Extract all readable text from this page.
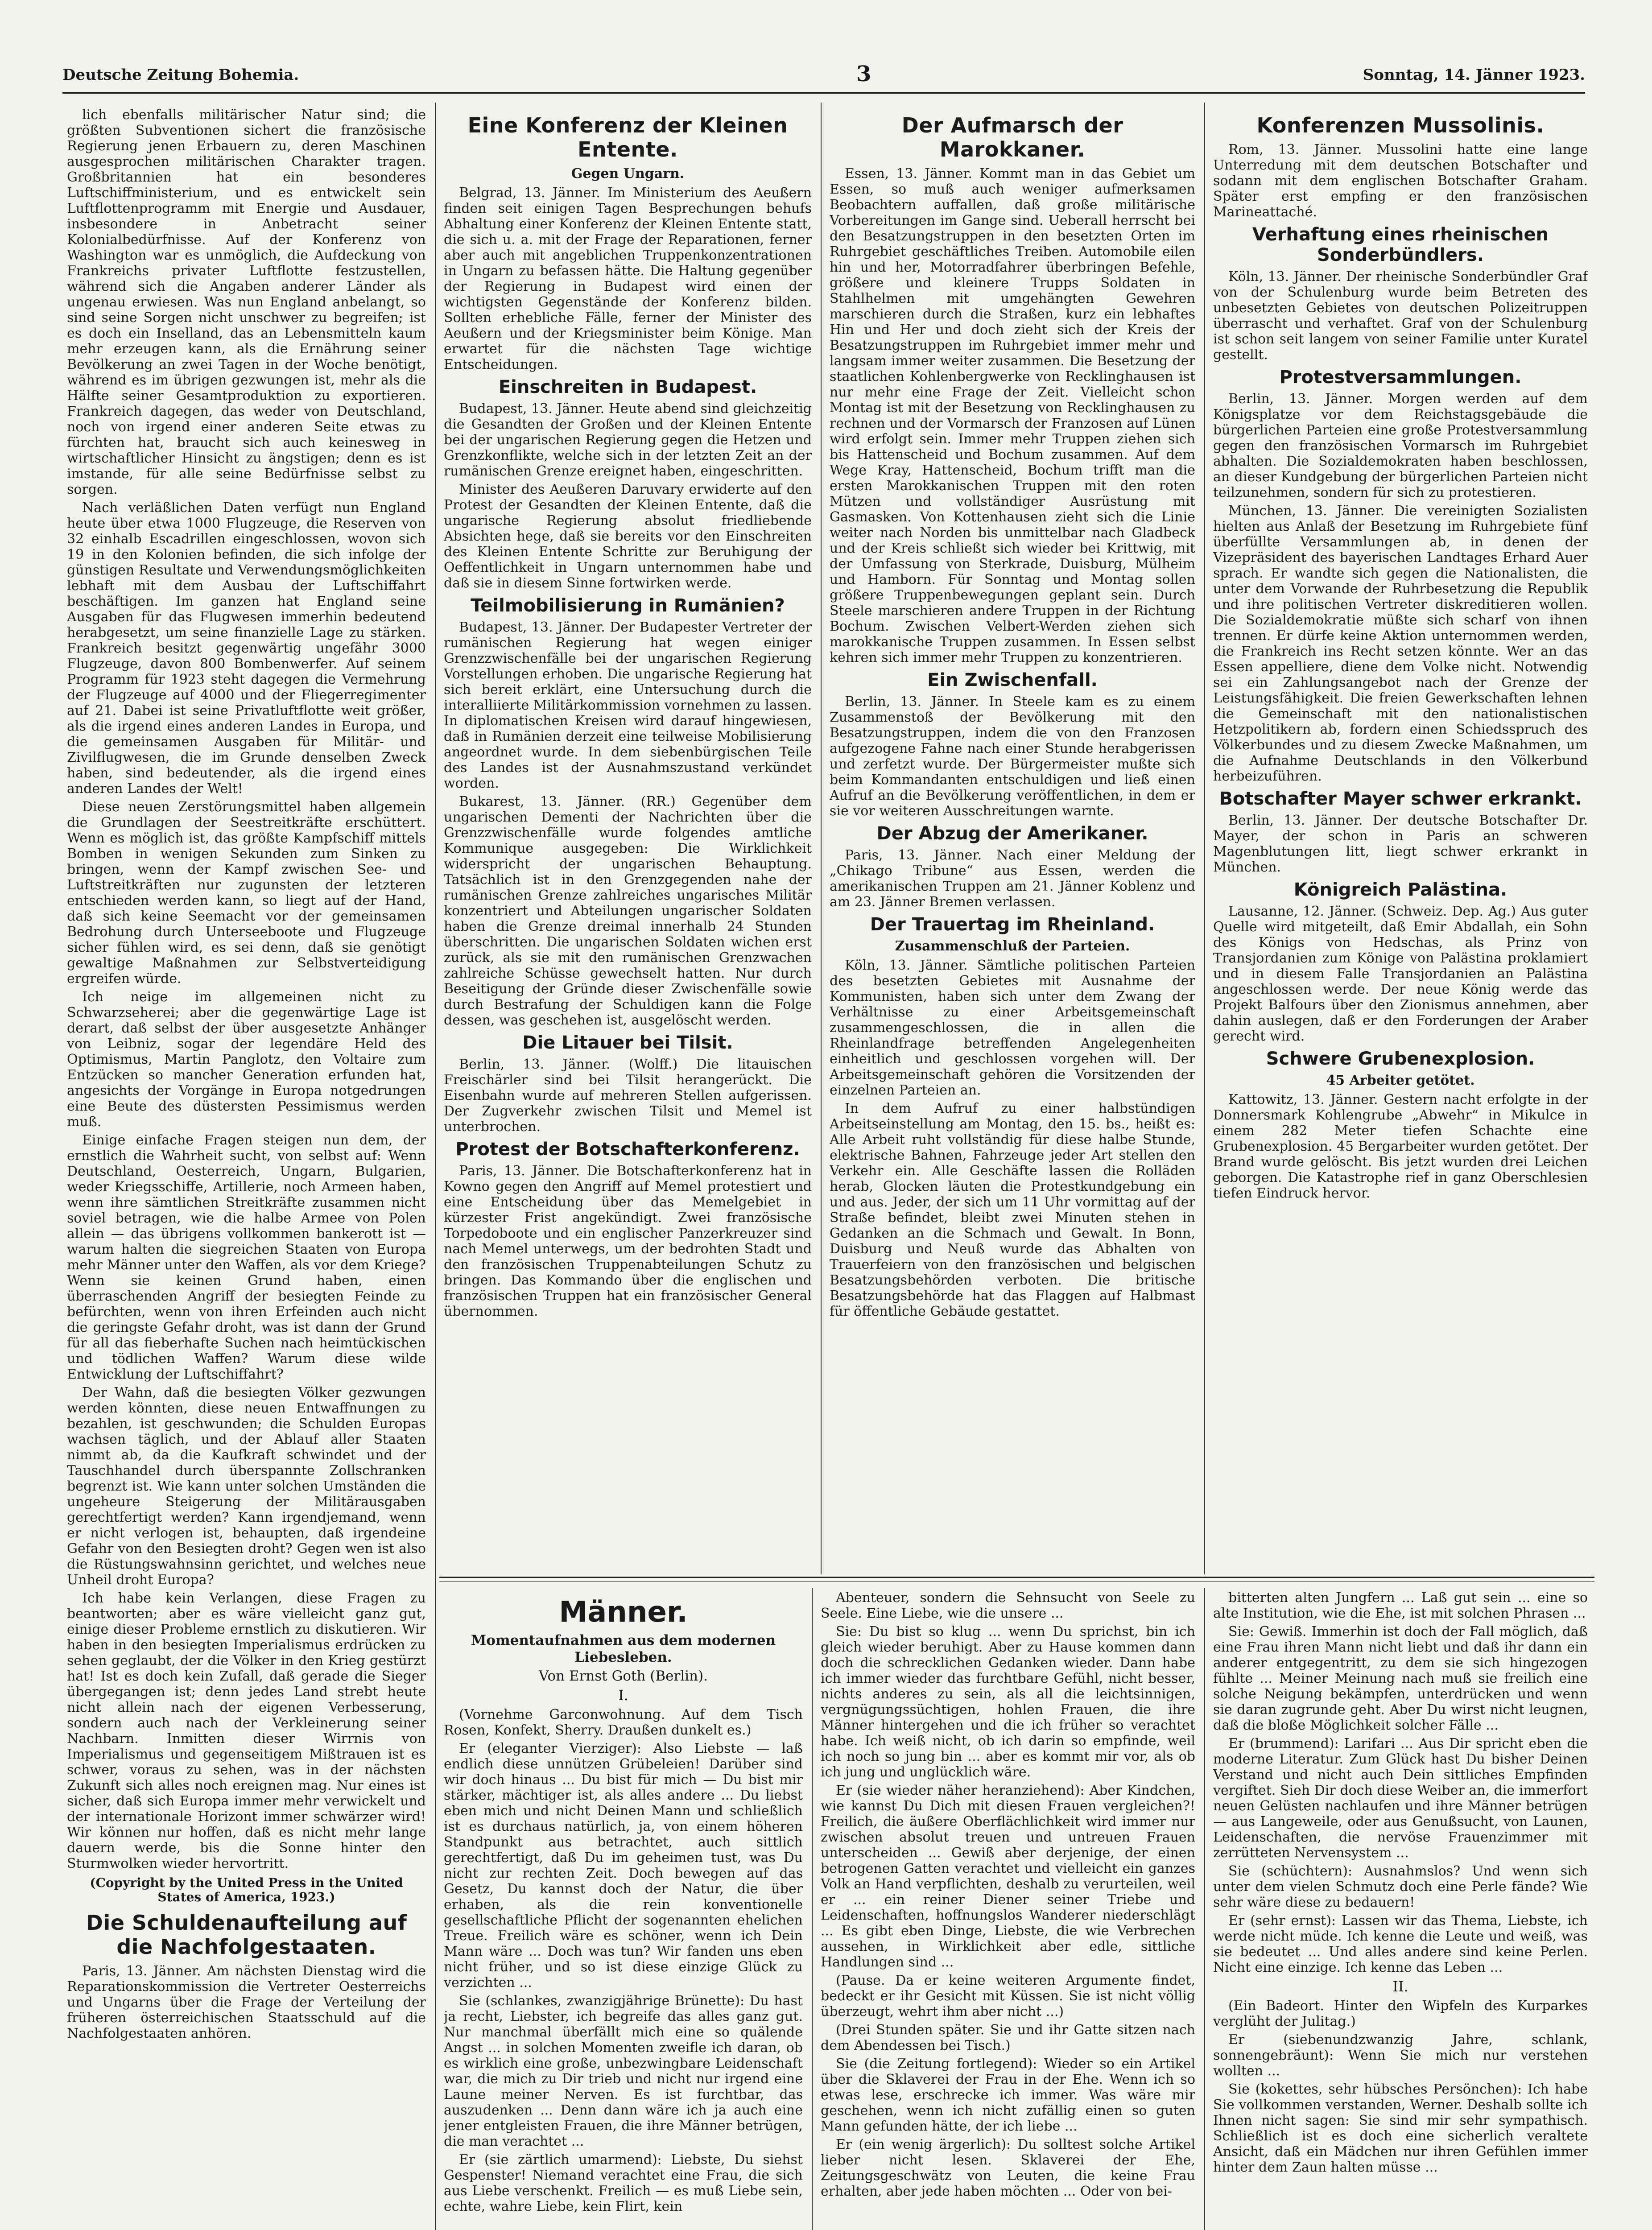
Deutsche Zeitung Bohemia.	3	Sonntag, 14. Jänner 1923.

lich ebenfalls militärischer Natur sind; die größten Subventionen sichert die französische Regierung jenen Erbauern zu, deren Maschinen ausgesprochen militärischen Charakter tragen. Großbritannien hat ein besonderes Luftschiffministerium, und es entwickelt sein Luftflottenprogramm mit Energie und Ausdauer, insbesondere in Anbetracht seiner Kolonialbedürfnisse. Auf der Konferenz von Washington war es unmöglich, die Aufdeckung von Frankreichs privater Luftflotte festzustellen, während sich die Angaben anderer Länder als ungenau erwiesen. Was nun England anbelangt, so sind seine Sorgen nicht unschwer zu begreifen; ist es doch ein Inselland, das an Lebensmitteln kaum mehr erzeugen kann, als die Ernährung seiner Bevölkerung an zwei Tagen in der Woche benötigt, während es im übrigen gezwungen ist, mehr als die Hälfte seiner Gesamtproduktion zu exportieren. Frankreich dagegen, das weder von Deutschland, noch von irgend einer anderen Seite etwas zu fürchten hat, braucht sich auch keinesweg in wirtschaftlicher Hinsicht zu ängstigen; denn es ist imstande, für alle seine Bedürfnisse selbst zu sorgen.

Nach verläßlichen Daten verfügt nun England heute über etwa 1000 Flugzeuge, die Reserven von 32 einhalb Escadrillen eingeschlossen, wovon sich 19 in den Kolonien befinden, die sich infolge der günstigen Resultate und Verwendungsmöglichkeiten lebhaft mit dem Ausbau der Luftschiffahrt beschäftigen. Im ganzen hat England seine Ausgaben für das Flugwesen immerhin bedeutend herabgesetzt, um seine finanzielle Lage zu stärken. Frankreich besitzt gegenwärtig ungefähr 3000 Flugzeuge, davon 800 Bombenwerfer. Auf seinem Programm für 1923 steht dagegen die Vermehrung der Flugzeuge auf 4000 und der Fliegerregimenter auf 21. Dabei ist seine Privatluftflotte weit größer, als die irgend eines anderen Landes in Europa, und die gemeinsamen Ausgaben für Militär- und Zivilflugwesen, die im Grunde denselben Zweck haben, sind bedeutender, als die irgend eines anderen Landes der Welt!

Diese neuen Zerstörungsmittel haben allgemein die Grundlagen der Seestreitkräfte erschüttert. Wenn es möglich ist, das größte Kampfschiff mittels Bomben in wenigen Sekunden zum Sinken zu bringen, wenn der Kampf zwischen See- und Luftstreitkräften nur zugunsten der letzteren entschieden werden kann, so liegt auf der Hand, daß sich keine Seemacht vor der gemeinsamen Bedrohung durch Unterseeboote und Flugzeuge sicher fühlen wird, es sei denn, daß sie genötigt gewaltige Maßnahmen zur Selbstverteidigung ergreifen würde.

Ich neige im allgemeinen nicht zu Schwarzseherei; aber die gegenwärtige Lage ist derart, daß selbst der über ausgesetzte Anhänger von Leibniz, sogar der legendäre Held des Optimismus, Martin Panglotz, den Voltaire zum Entzücken so mancher Generation erfunden hat, angesichts der Vorgänge in Europa notgedrungen eine Beute des düstersten Pessimismus werden muß.

Einige einfache Fragen steigen nun dem, der ernstlich die Wahrheit sucht, von selbst auf: Wenn Deutschland, Oesterreich, Ungarn, Bulgarien, weder Kriegsschiffe, Artillerie, noch Armeen haben, wenn ihre sämtlichen Streitkräfte zusammen nicht soviel betragen, wie die halbe Armee von Polen allein — das übrigens vollkommen bankerott ist — warum halten die siegreichen Staaten von Europa mehr Männer unter den Waffen, als vor dem Kriege? Wenn sie keinen Grund haben, einen überraschenden Angriff der besiegten Feinde zu befürchten, wenn von ihren Erfeinden auch nicht die geringste Gefahr droht, was ist dann der Grund für all das fieberhafte Suchen nach heimtückischen und tödlichen Waffen? Warum diese wilde Entwicklung der Luftschiffahrt?

Der Wahn, daß die besiegten Völker gezwungen werden könnten, diese neuen Entwaffnungen zu bezahlen, ist geschwunden; die Schulden Europas wachsen täglich, und der Ablauf aller Staaten nimmt ab, da die Kaufkraft schwindet und der Tauschhandel durch überspannte Zollschranken begrenzt ist. Wie kann unter solchen Umständen die ungeheure Steigerung der Militärausgaben gerechtfertigt werden? Kann irgendjemand, wenn er nicht verlogen ist, behaupten, daß irgendeine Gefahr von den Besiegten droht? Gegen wen ist also die Rüstungswahnsinn gerichtet, und welches neue Unheil droht Europa?

Ich habe kein Verlangen, diese Fragen zu beantworten; aber es wäre vielleicht ganz gut, einige dieser Probleme ernstlich zu diskutieren. Wir haben in den besiegten Imperialismus erdrücken zu sehen geglaubt, der die Völker in den Krieg gestürzt hat! Ist es doch kein Zufall, daß gerade die Sieger übergegangen ist; denn jedes Land strebt heute nicht allein nach der eigenen Verbesserung, sondern auch nach der Verkleinerung seiner Nachbarn. Inmitten dieser Wirrnis von Imperialismus und gegenseitigem Mißtrauen ist es schwer, voraus zu sehen, was in der nächsten Zukunft sich alles noch ereignen mag. Nur eines ist sicher, daß sich Europa immer mehr verwickelt und der internationale Horizont immer schwärzer wird! Wir können nur hoffen, daß es nicht mehr lange dauern werde, bis die Sonne hinter den Sturmwolken wieder hervortritt.

(Copyright by the United Press in the United States of America, 1923.)
Die Schuldenaufteilung auf die Nachfolgestaaten.

Paris, 13. Jänner. Am nächsten Dienstag wird die Reparationskommission die Vertreter Oesterreichs und Ungarns über die Frage der Verteilung der früheren österreichischen Staatsschuld auf die Nachfolgestaaten anhören.

Eine Konferenz der Kleinen Entente.
Gegen Ungarn.

Belgrad, 13. Jänner. Im Ministerium des Aeußern finden seit einigen Tagen Besprechungen behufs Abhaltung einer Konferenz der Kleinen Entente statt, die sich u. a. mit der Frage der Reparationen, ferner aber auch mit angeblichen Truppenkonzentrationen in Ungarn zu befassen hätte. Die Haltung gegenüber der Regierung in Budapest wird einen der wichtigsten Gegenstände der Konferenz bilden. Sollten erhebliche Fälle, ferner der Minister des Aeußern und der Kriegsminister beim Könige. Man erwartet für die nächsten Tage wichtige Entscheidungen.

Einschreiten in Budapest.

Budapest, 13. Jänner. Heute abend sind gleichzeitig die Gesandten der Großen und der Kleinen Entente bei der ungarischen Regierung gegen die Hetzen und Grenzkonflikte, welche sich in der letzten Zeit an der rumänischen Grenze ereignet haben, eingeschritten.

Minister des Aeußeren Daruvary erwiderte auf den Protest der Gesandten der Kleinen Entente, daß die ungarische Regierung absolut friedliebende Absichten hege, daß sie bereits vor den Einschreiten des Kleinen Entente Schritte zur Beruhigung der Oeffentlichkeit in Ungarn unternommen habe und daß sie in diesem Sinne fortwirken werde.

Teilmobilisierung in Rumänien?

Budapest, 13. Jänner. Der Budapester Vertreter der rumänischen Regierung hat wegen einiger Grenzzwischenfälle bei der ungarischen Regierung Vorstellungen erhoben. Die ungarische Regierung hat sich bereit erklärt, eine Untersuchung durch die interalliierte Militärkommission vornehmen zu lassen. In diplomatischen Kreisen wird darauf hingewiesen, daß in Rumänien derzeit eine teilweise Mobilisierung angeordnet wurde. In dem siebenbürgischen Teile des Landes ist der Ausnahmszustand verkündet worden.

Bukarest, 13. Jänner. (RR.) Gegenüber dem ungarischen Dementi der Nachrichten über die Grenzzwischenfälle wurde folgendes amtliche Kommunique ausgegeben: Die Wirklichkeit widerspricht der ungarischen Behauptung. Tatsächlich ist in den Grenzgegenden nahe der rumänischen Grenze zahlreiches ungarisches Militär konzentriert und Abteilungen ungarischer Soldaten haben die Grenze dreimal innerhalb 24 Stunden überschritten. Die ungarischen Soldaten wichen erst zurück, als sie mit den rumänischen Grenzwachen zahlreiche Schüsse gewechselt hatten. Nur durch Beseitigung der Gründe dieser Zwischenfälle sowie durch Bestrafung der Schuldigen kann die Folge dessen, was geschehen ist, ausgelöscht werden.

Die Litauer bei Tilsit.

Berlin, 13. Jänner. (Wolff.) Die litauischen Freischärler sind bei Tilsit herangerückt. Die Eisenbahn wurde auf mehreren Stellen aufgerissen. Der Zugverkehr zwischen Tilsit und Memel ist unterbrochen.

Protest der Botschafterkonferenz.

Paris, 13. Jänner. Die Botschafterkonferenz hat in Kowno gegen den Angriff auf Memel protestiert und eine Entscheidung über das Memelgebiet in kürzester Frist angekündigt. Zwei französische Torpedoboote und ein englischer Panzerkreuzer sind nach Memel unterwegs, um der bedrohten Stadt und den französischen Truppenabteilungen Schutz zu bringen. Das Kommando über die englischen und französischen Truppen hat ein französischer General übernommen.

Der Aufmarsch der Marokkaner.

Essen, 13. Jänner. Kommt man in das Gebiet um Essen, so muß auch weniger aufmerksamen Beobachtern auffallen, daß große militärische Vorbereitungen im Gange sind. Ueberall herrscht bei den Besatzungstruppen in den besetzten Orten im Ruhrgebiet geschäftliches Treiben. Automobile eilen hin und her, Motorradfahrer überbringen Befehle, größere und kleinere Trupps Soldaten in Stahlhelmen mit umgehängten Gewehren marschieren durch die Straßen, kurz ein lebhaftes Hin und Her und doch zieht sich der Kreis der Besatzungstruppen im Ruhrgebiet immer mehr und langsam immer weiter zusammen. Die Besetzung der staatlichen Kohlenbergwerke von Recklinghausen ist nur mehr eine Frage der Zeit. Vielleicht schon Montag ist mit der Besetzung von Recklinghausen zu rechnen und der Vormarsch der Franzosen auf Lünen wird erfolgt sein. Immer mehr Truppen ziehen sich bis Hattenscheid und Bochum zusammen. Auf dem Wege Kray, Hattenscheid, Bochum trifft man die ersten Marokkanischen Truppen mit den roten Mützen und vollständiger Ausrüstung mit Gasmasken. Von Kottenhausen zieht sich die Linie weiter nach Norden bis unmittelbar nach Gladbeck und der Kreis schließt sich wieder bei Krittwig, mit der Umfassung von Sterkrade, Duisburg, Mülheim und Hamborn. Für Sonntag und Montag sollen größere Truppenbewegungen geplant sein. Durch Steele marschieren andere Truppen in der Richtung Bochum. Zwischen Velbert-Werden ziehen sich marokkanische Truppen zusammen. In Essen selbst kehren sich immer mehr Truppen zu konzentrieren.

Ein Zwischenfall.

Berlin, 13. Jänner. In Steele kam es zu einem Zusammenstoß der Bevölkerung mit den Besatzungstruppen, indem die von den Franzosen aufgezogene Fahne nach einer Stunde herabgerissen und zerfetzt wurde. Der Bürgermeister mußte sich beim Kommandanten entschuldigen und ließ einen Aufruf an die Bevölkerung veröffentlichen, in dem er sie vor weiteren Ausschreitungen warnte.

Der Abzug der Amerikaner.

Paris, 13. Jänner. Nach einer Meldung der „Chikago Tribune“ aus Essen, werden die amerikanischen Truppen am 21. Jänner Koblenz und am 23. Jänner Bremen verlassen.

Der Trauertag im Rheinland.
Zusammenschluß der Parteien.

Köln, 13. Jänner. Sämtliche politischen Parteien des besetzten Gebietes mit Ausnahme der Kommunisten, haben sich unter dem Zwang der Verhältnisse zu einer Arbeitsgemeinschaft zusammengeschlossen, die in allen die Rheinlandfrage betreffenden Angelegenheiten einheitlich und geschlossen vorgehen will. Der Arbeitsgemeinschaft gehören die Vorsitzenden der einzelnen Parteien an.

In dem Aufruf zu einer halbstündigen Arbeitseinstellung am Montag, den 15. bs., heißt es: Alle Arbeit ruht vollständig für diese halbe Stunde, elektrische Bahnen, Fahrzeuge jeder Art stellen den Verkehr ein. Alle Geschäfte lassen die Rolläden herab, Glocken läuten die Protestkundgebung ein und aus. Jeder, der sich um 11 Uhr vormittag auf der Straße befindet, bleibt zwei Minuten stehen in Gedanken an die Schmach und Gewalt. In Bonn, Duisburg und Neuß wurde das Abhalten von Trauerfeiern von den französischen und belgischen Besatzungsbehörden verboten. Die britische Besatzungsbehörde hat das Flaggen auf Halbmast für öffentliche Gebäude gestattet.

Konferenzen Mussolinis.

Rom, 13. Jänner. Mussolini hatte eine lange Unterredung mit dem deutschen Botschafter und sodann mit dem englischen Botschafter Graham. Später erst empfing er den französischen Marineattaché.

Verhaftung eines rheinischen Sonderbündlers.

Köln, 13. Jänner. Der rheinische Sonderbündler Graf von der Schulenburg wurde beim Betreten des unbesetzten Gebietes von deutschen Polizeitruppen überrascht und verhaftet. Graf von der Schulenburg ist schon seit langem von seiner Familie unter Kuratel gestellt.

Protestversammlungen.

Berlin, 13. Jänner. Morgen werden auf dem Königsplatze vor dem Reichstagsgebäude die bürgerlichen Parteien eine große Protestversammlung gegen den französischen Vormarsch im Ruhrgebiet abhalten. Die Sozialdemokraten haben beschlossen, an dieser Kundgebung der bürgerlichen Parteien nicht teilzunehmen, sondern für sich zu protestieren.

München, 13. Jänner. Die vereinigten Sozialisten hielten aus Anlaß der Besetzung im Ruhrgebiete fünf überfüllte Versammlungen ab, in denen der Vizepräsident des bayerischen Landtages Erhard Auer sprach. Er wandte sich gegen die Nationalisten, die unter dem Vorwande der Ruhrbesetzung die Republik und ihre politischen Vertreter diskreditieren wollen. Die Sozialdemokratie müßte sich scharf von ihnen trennen. Er dürfe keine Aktion unternommen werden, die Frankreich ins Recht setzen könnte. Wer an das Essen appelliere, diene dem Volke nicht. Notwendig sei ein Zahlungsangebot nach der Grenze der Leistungsfähigkeit. Die freien Gewerkschaften lehnen die Gemeinschaft mit den nationalistischen Hetzpolitikern ab, fordern einen Schiedsspruch des Völkerbundes und zu diesem Zwecke Maßnahmen, um die Aufnahme Deutschlands in den Völkerbund herbeizuführen.

Botschafter Mayer schwer erkrankt.

Berlin, 13. Jänner. Der deutsche Botschafter Dr. Mayer, der schon in Paris an schweren Magenblutungen litt, liegt schwer erkrankt in München.

Königreich Palästina.

Lausanne, 12. Jänner. (Schweiz. Dep. Ag.) Aus guter Quelle wird mitgeteilt, daß Emir Abdallah, ein Sohn des Königs von Hedschas, als Prinz von Transjordanien zum Könige von Palästina proklamiert und in diesem Falle Transjordanien an Palästina angeschlossen werde. Der neue König werde das Projekt Balfours über den Zionismus annehmen, aber dahin auslegen, daß er den Forderungen der Araber gerecht wird.

Schwere Grubenexplosion.
45 Arbeiter getötet.

Kattowitz, 13. Jänner. Gestern nacht erfolgte in der Donnersmark Kohlengrube „Abwehr“ in Mikulce in einem 282 Meter tiefen Schachte eine Grubenexplosion. 45 Bergarbeiter wurden getötet. Der Brand wurde gelöscht. Bis jetzt wurden drei Leichen geborgen. Die Katastrophe rief in ganz Oberschlesien tiefen Eindruck hervor.

Männer.
Momentaufnahmen aus dem modernen Liebesleben.
Von Ernst Goth (Berlin).
I.

(Vornehme Garconwohnung. Auf dem Tisch Rosen, Konfekt, Sherry. Draußen dunkelt es.)

Er (eleganter Vierziger): Also Liebste — laß endlich diese unnützen Grübeleien! Darüber sind wir doch hinaus ... Du bist für mich — Du bist mir stärker, mächtiger ist, als alles andere ... Du liebst eben mich und nicht Deinen Mann und schließlich ist es durchaus natürlich, ja, von einem höheren Standpunkt aus betrachtet, auch sittlich gerechtfertigt, daß Du im geheimen tust, was Du nicht zur rechten Zeit. Doch bewegen auf das Gesetz, Du kannst doch der Natur, die über erhaben, als die rein konventionelle gesellschaftliche Pflicht der sogenannten ehelichen Treue. Freilich wäre es schöner, wenn ich Dein Mann wäre ... Doch was tun? Wir fanden uns eben nicht früher, und so ist diese einzige Glück zu verzichten ...

Sie (schlankes, zwanzigjährige Brünette): Du hast ja recht, Liebster, ich begreife das alles ganz gut. Nur manchmal überfällt mich eine so quälende Angst ... in solchen Momenten zweifle ich daran, ob es wirklich eine große, unbezwingbare Leidenschaft war, die mich zu Dir trieb und nicht nur irgend eine Laune meiner Nerven. Es ist furchtbar, das auszudenken ... Denn dann wäre ich ja auch eine jener entgleisten Frauen, die ihre Männer betrügen, die man verachtet ...

Er (sie zärtlich umarmend): Liebste, Du siehst Gespenster! Niemand verachtet eine Frau, die sich aus Liebe verschenkt. Freilich — es muß Liebe sein, echte, wahre Liebe, kein Flirt, kein

Abenteuer, sondern die Sehnsucht von Seele zu Seele. Eine Liebe, wie die unsere ...

Sie: Du bist so klug ... wenn Du sprichst, bin ich gleich wieder beruhigt. Aber zu Hause kommen dann doch die schrecklichen Gedanken wieder. Dann habe ich immer wieder das furchtbare Gefühl, nicht besser, nichts anderes zu sein, als all die leichtsinnigen, vergnügungssüchtigen, hohlen Frauen, die ihre Männer hintergehen und die ich früher so verachtet habe. Ich weiß nicht, ob ich darin so empfinde, weil ich noch so jung bin ... aber es kommt mir vor, als ob ich jung und unglücklich wäre.

Er (sie wieder näher heranziehend): Aber Kindchen, wie kannst Du Dich mit diesen Frauen vergleichen?! Freilich, die äußere Oberflächlichkeit wird immer nur zwischen absolut treuen und untreuen Frauen unterscheiden ... Gewiß aber derjenige, der einen betrogenen Gatten verachtet und vielleicht ein ganzes Volk an Hand verpflichten, deshalb zu verurteilen, weil er ... ein reiner Diener seiner Triebe und Leidenschaften, hoffnungslos Wanderer niederschlägt ... Es gibt eben Dinge, Liebste, die wie Verbrechen aussehen, in Wirklichkeit aber edle, sittliche Handlungen sind ...

(Pause. Da er keine weiteren Argumente findet, bedeckt er ihr Gesicht mit Küssen. Sie ist nicht völlig überzeugt, wehrt ihm aber nicht ...)

(Drei Stunden später. Sie und ihr Gatte sitzen nach dem Abendessen bei Tisch.)

Sie (die Zeitung fortlegend): Wieder so ein Artikel über die Sklaverei der Frau in der Ehe. Wenn ich so etwas lese, erschrecke ich immer. Was wäre mir geschehen, wenn ich nicht zufällig einen so guten Mann gefunden hätte, der ich liebe ...

Er (ein wenig ärgerlich): Du solltest solche Artikel lieber nicht lesen. Sklaverei der Ehe, Zeitungsgeschwätz von Leuten, die keine Frau erhalten, aber jede haben möchten ... Oder von bei-

bitterten alten Jungfern ... Laß gut sein ... eine so alte Institution, wie die Ehe, ist mit solchen Phrasen ...

Sie: Gewiß. Immerhin ist doch der Fall möglich, daß eine Frau ihren Mann nicht liebt und daß ihr dann ein anderer entgegentritt, zu dem sie sich hingezogen fühlte ... Meiner Meinung nach muß sie freilich eine solche Neigung bekämpfen, unterdrücken und wenn sie daran zugrunde geht. Aber Du wirst nicht leugnen, daß die bloße Möglichkeit solcher Fälle ...

Er (brummend): Larifari ... Aus Dir spricht eben die moderne Literatur. Zum Glück hast Du bisher Deinen Verstand und nicht auch Dein sittliches Empfinden vergiftet. Sieh Dir doch diese Weiber an, die immerfort neuen Gelüsten nachlaufen und ihre Männer betrügen — aus Langeweile, oder aus Genußsucht, von Launen, Leidenschaften, die nervöse Frauenzimmer mit zerrütteten Nervensystem ...

Sie (schüchtern): Ausnahmslos? Und wenn sich unter dem vielen Schmutz doch eine Perle fände? Wie sehr wäre diese zu bedauern!

Er (sehr ernst): Lassen wir das Thema, Liebste, ich werde nicht müde. Ich kenne die Leute und weiß, was sie bedeutet ... Und alles andere sind keine Perlen. Nicht eine einzige. Ich kenne das Leben ...

II.

(Ein Badeort. Hinter den Wipfeln des Kurparkes verglüht der Julitag.)

Er (siebenundzwanzig Jahre, schlank, sonnengebräunt): Wenn Sie mich nur verstehen wollten ...

Sie (kokettes, sehr hübsches Persönchen): Ich habe Sie vollkommen verstanden, Werner. Deshalb sollte ich Ihnen nicht sagen: Sie sind mir sehr sympathisch. Schließlich ist es doch eine sicherlich veraltete Ansicht, daß ein Mädchen nur ihren Gefühlen immer hinter dem Zaun halten müsse ...
